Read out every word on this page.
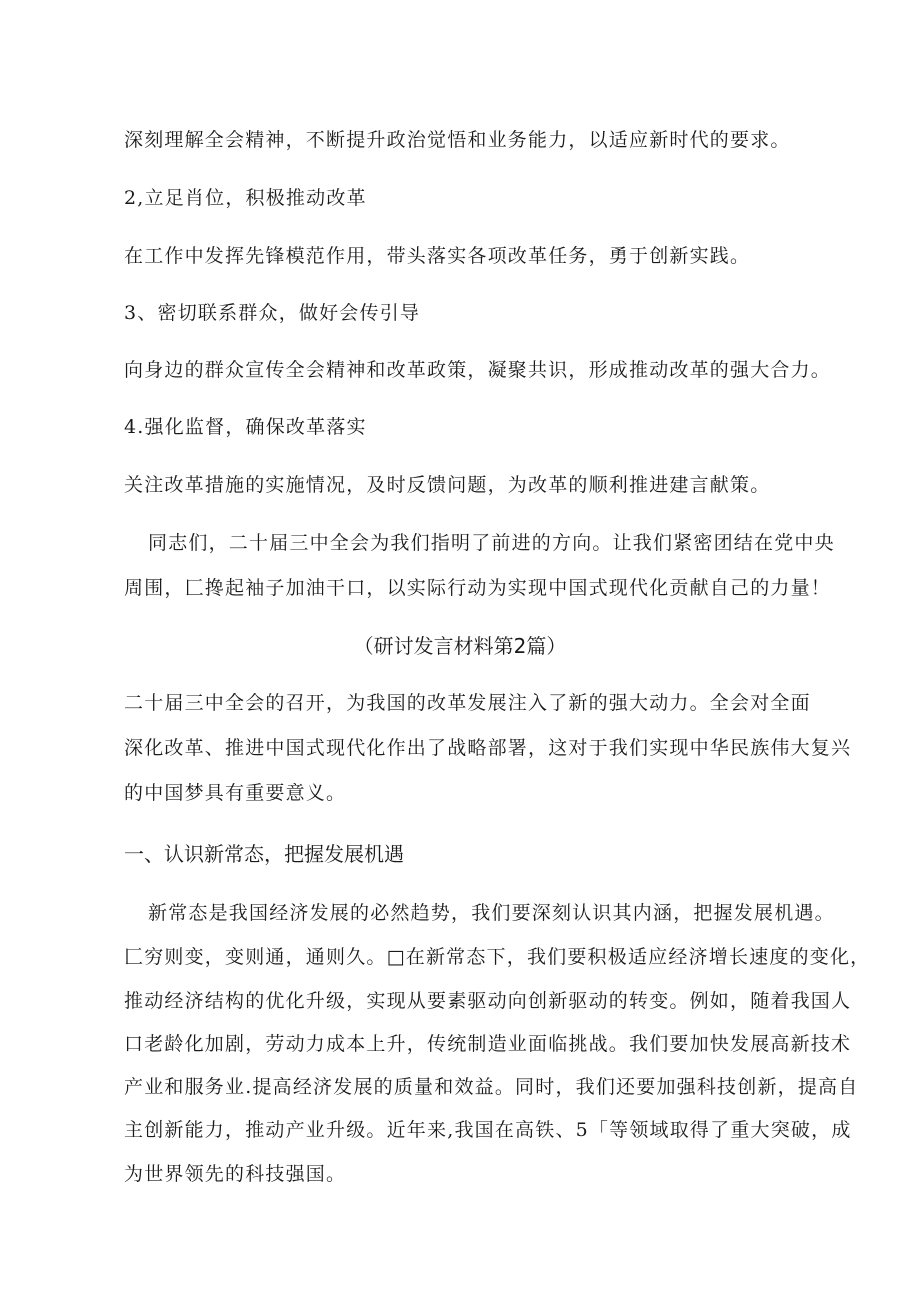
深刻理解全会精神，不断提升政治觉悟和业务能力，以适应新时代的要求。
2,立足肖位，积极推动改革
在工作中发挥先锋模范作用，带头落实各项改革任务，勇于创新实践。
3、密切联系群众，做好会传引导
向身边的群众宣传全会精神和改革政策，凝聚共识，形成推动改革的强大合力。
4.强化监督，确保改革落实
关注改革措施的实施情况，及时反馈问题，为改革的顺利推进建言献策。
同志们，二十届三中全会为我们指明了前进的方向。让我们紧密团结在党中央
周围，匚搀起袖子加油干口，以实际行动为实现中国式现代化贡献自己的力量！
（研讨发言材料第2篇）
二十届三中全会的召开，为我国的改革发展注入了新的强大动力。全会对全面
深化改革、推进中国式现代化作出了战略部署，这对于我们实现中华民族伟大复兴
的中国梦具有重要意义。
一、认识新常态，把握发展机遇
新常态是我国经济发展的必然趋势，我们要深刻认识其内涵，把握发展机遇。
匚穷则变，变则通，通则久。□在新常态下，我们要积极适应经济增长速度的变化，
推动经济结构的优化升级，实现从要素驱动向创新驱动的转变。例如，随着我国人
口老龄化加剧，劳动力成本上升，传统制造业面临挑战。我们要加快发展高新技术
产业和服务业.提高经济发展的质量和效益。同时，我们还要加强科技创新，提高自
主创新能力，推动产业升级。近年来,我国在高铁、5「等领域取得了重大突破，成
为世界领先的科技强国。
